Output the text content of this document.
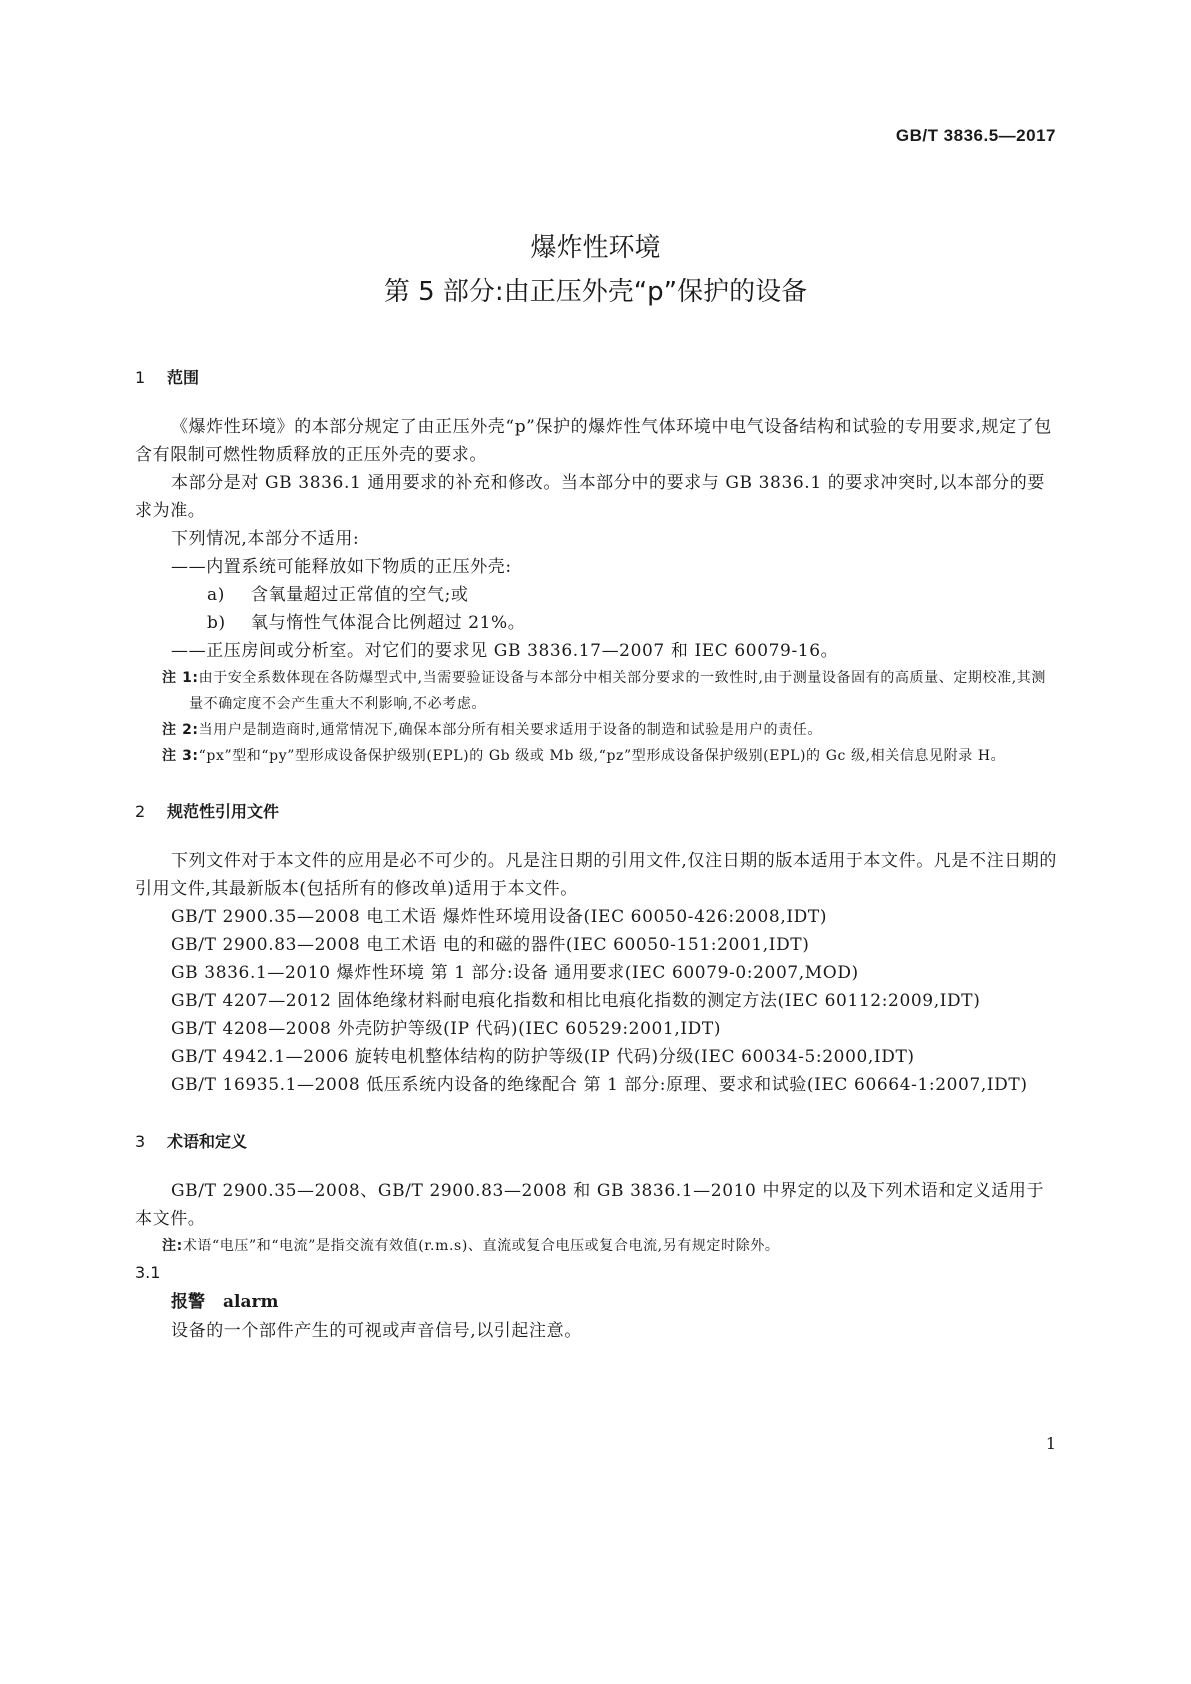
GB/T 3836.5—2017
爆炸性环境
第 5 部分:由正压外壳“p”保护的设备
1 范围

《爆炸性环境》的本部分规定了由正压外壳“p”保护的爆炸性气体环境中电气设备结构和试验的专用要求,规定了包含有限制可燃性物质释放的正压外壳的要求。

本部分是对 GB 3836.1 通用要求的补充和修改。当本部分中的要求与 GB 3836.1 的要求冲突时,以本部分的要求为准。

下列情况,本部分不适用:

——内置系统可能释放如下物质的正压外壳:

a) 含氧量超过正常值的空气;或

b) 氧与惰性气体混合比例超过 21%。

——正压房间或分析室。对它们的要求见 GB 3836.17—2007 和 IEC 60079-16。

注 1:由于安全系数体现在各防爆型式中,当需要验证设备与本部分中相关部分要求的一致性时,由于测量设备固有的高质量、定期校准,其测量不确定度不会产生重大不利影响,不必考虑。

注 2:当用户是制造商时,通常情况下,确保本部分所有相关要求适用于设备的制造和试验是用户的责任。

注 3:“px”型和“py”型形成设备保护级别(EPL)的 Gb 级或 Mb 级,“pz”型形成设备保护级别(EPL)的 Gc 级,相关信息见附录 H。

2 规范性引用文件

下列文件对于本文件的应用是必不可少的。凡是注日期的引用文件,仅注日期的版本适用于本文件。凡是不注日期的引用文件,其最新版本(包括所有的修改单)适用于本文件。

GB/T 2900.35—2008 电工术语 爆炸性环境用设备(IEC 60050-426:2008,IDT)

GB/T 2900.83—2008 电工术语 电的和磁的器件(IEC 60050-151:2001,IDT)

GB 3836.1—2010 爆炸性环境 第 1 部分:设备 通用要求(IEC 60079-0:2007,MOD)

GB/T 4207—2012 固体绝缘材料耐电痕化指数和相比电痕化指数的测定方法(IEC 60112:2009,IDT)

GB/T 4208—2008 外壳防护等级(IP 代码)(IEC 60529:2001,IDT)

GB/T 4942.1—2006 旋转电机整体结构的防护等级(IP 代码)分级(IEC 60034-5:2000,IDT)

GB/T 16935.1—2008 低压系统内设备的绝缘配合 第 1 部分:原理、要求和试验(IEC 60664-1:2007,IDT)

3 术语和定义

GB/T 2900.35—2008、GB/T 2900.83—2008 和 GB 3836.1—2010 中界定的以及下列术语和定义适用于本文件。

注:术语“电压”和“电流”是指交流有效值(r.m.s)、直流或复合电压或复合电流,另有规定时除外。

3.1
报警 alarm

设备的一个部件产生的可视或声音信号,以引起注意。

1
